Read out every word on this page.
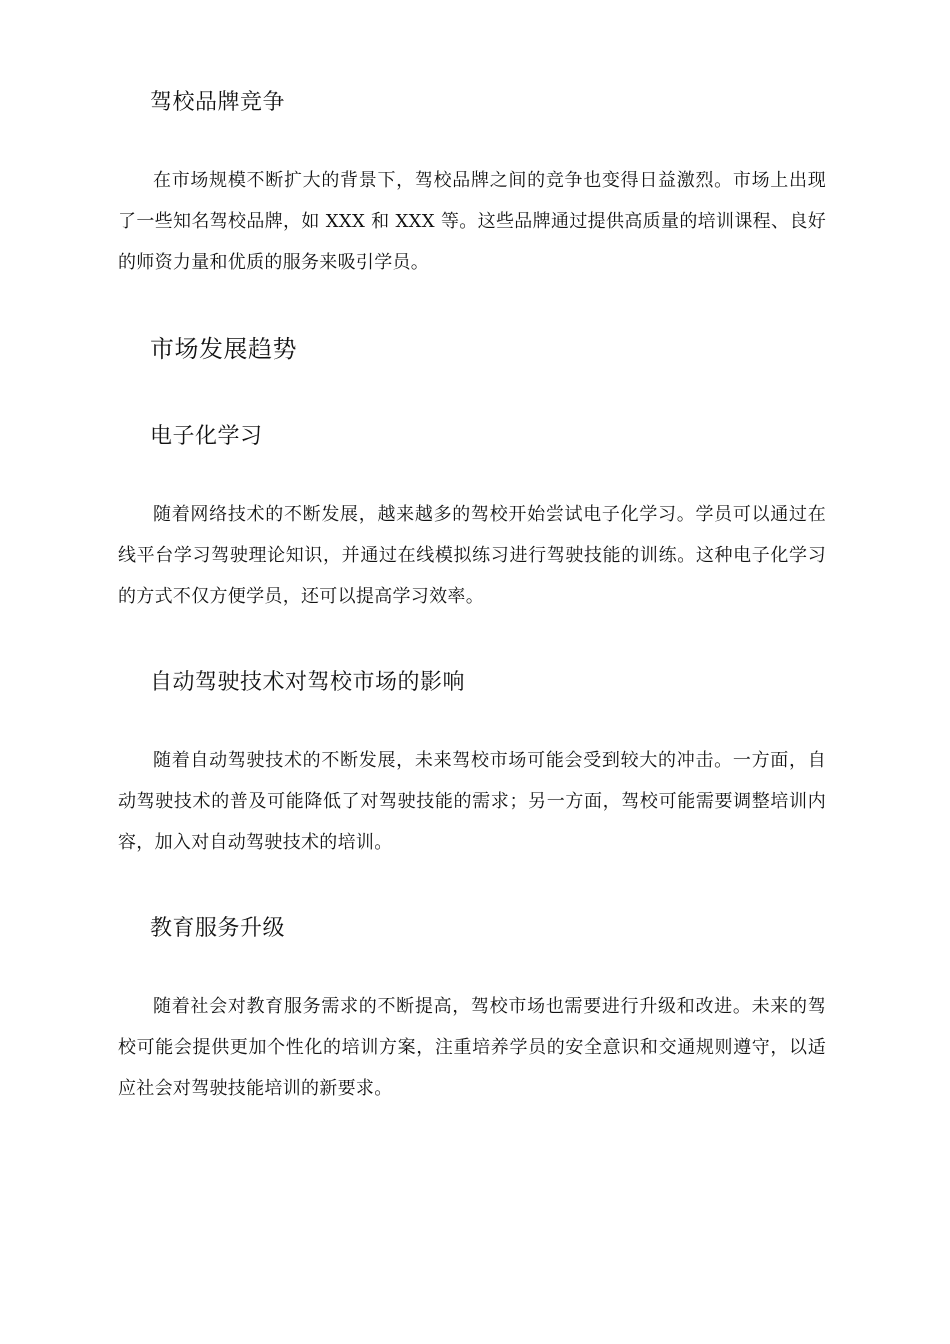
驾校品牌竞争
在市场规模不断扩大的背景下，驾校品牌之间的竞争也变得日益激烈。市场上出现了一些知名驾校品牌，如 XXX 和 XXX 等。这些品牌通过提供高质量的培训课程、良好的师资力量和优质的服务来吸引学员。
市场发展趋势
电子化学习
随着网络技术的不断发展，越来越多的驾校开始尝试电子化学习。学员可以通过在线平台学习驾驶理论知识，并通过在线模拟练习进行驾驶技能的训练。这种电子化学习的方式不仅方便学员，还可以提高学习效率。
自动驾驶技术对驾校市场的影响
随着自动驾驶技术的不断发展，未来驾校市场可能会受到较大的冲击。一方面，自动驾驶技术的普及可能降低了对驾驶技能的需求；另一方面，驾校可能需要调整培训内容，加入对自动驾驶技术的培训。
教育服务升级
随着社会对教育服务需求的不断提高，驾校市场也需要进行升级和改进。未来的驾校可能会提供更加个性化的培训方案，注重培养学员的安全意识和交通规则遵守，以适应社会对驾驶技能培训的新要求。
